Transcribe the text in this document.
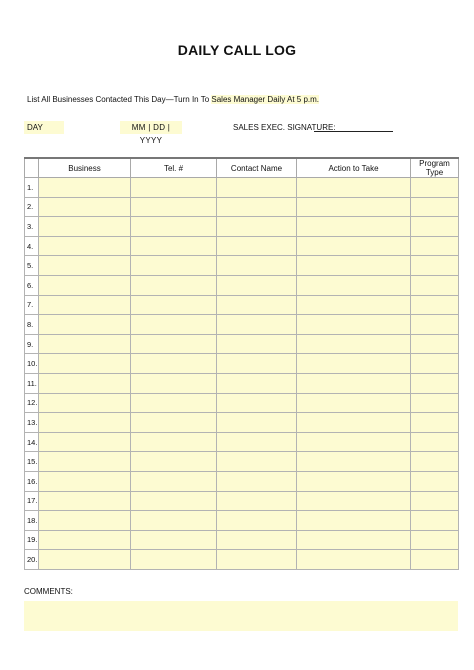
DAILY CALL LOG
List All Businesses Contacted This Day—Turn In To Sales Manager Daily At 5 p.m.
DAY	MM | DD | YYYY
SALES EXEC. SIGNATURE:
	Business	Tel. #	Contact Name	Action to Take	Program Type
1.					
2.					
3.					
4.					
5.					
6.					
7.					
8.					
9.					
10.					
11.					
12.					
13.					
14.					
15.					
16.					
17.					
18.					
19.					
20.					
COMMENTS:
